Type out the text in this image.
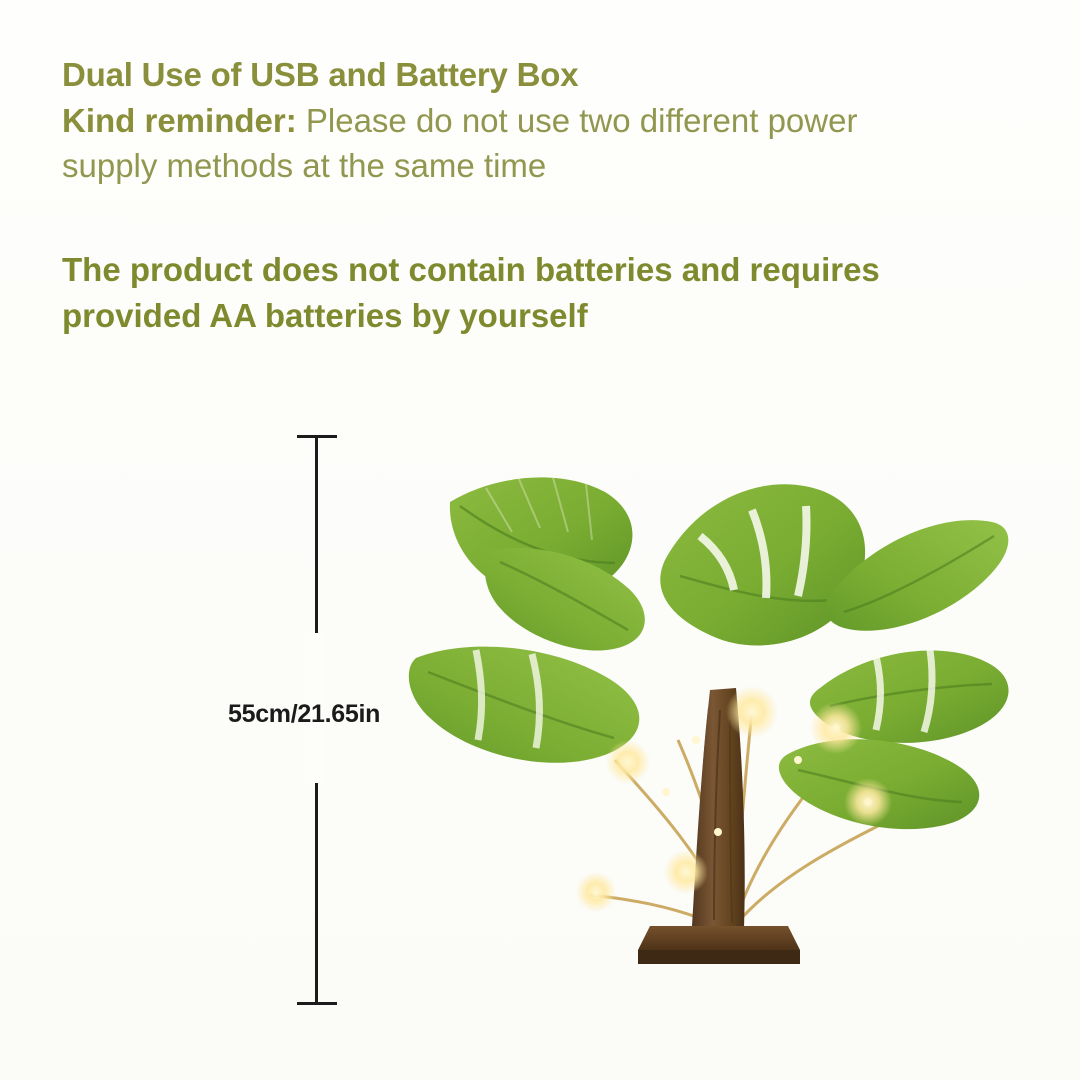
Dual Use of USB and Battery Box

Kind reminder: Please do not use two different power supply methods at the same time

The product does not contain batteries and requires provided AA batteries by yourself

55cm/21.65in
